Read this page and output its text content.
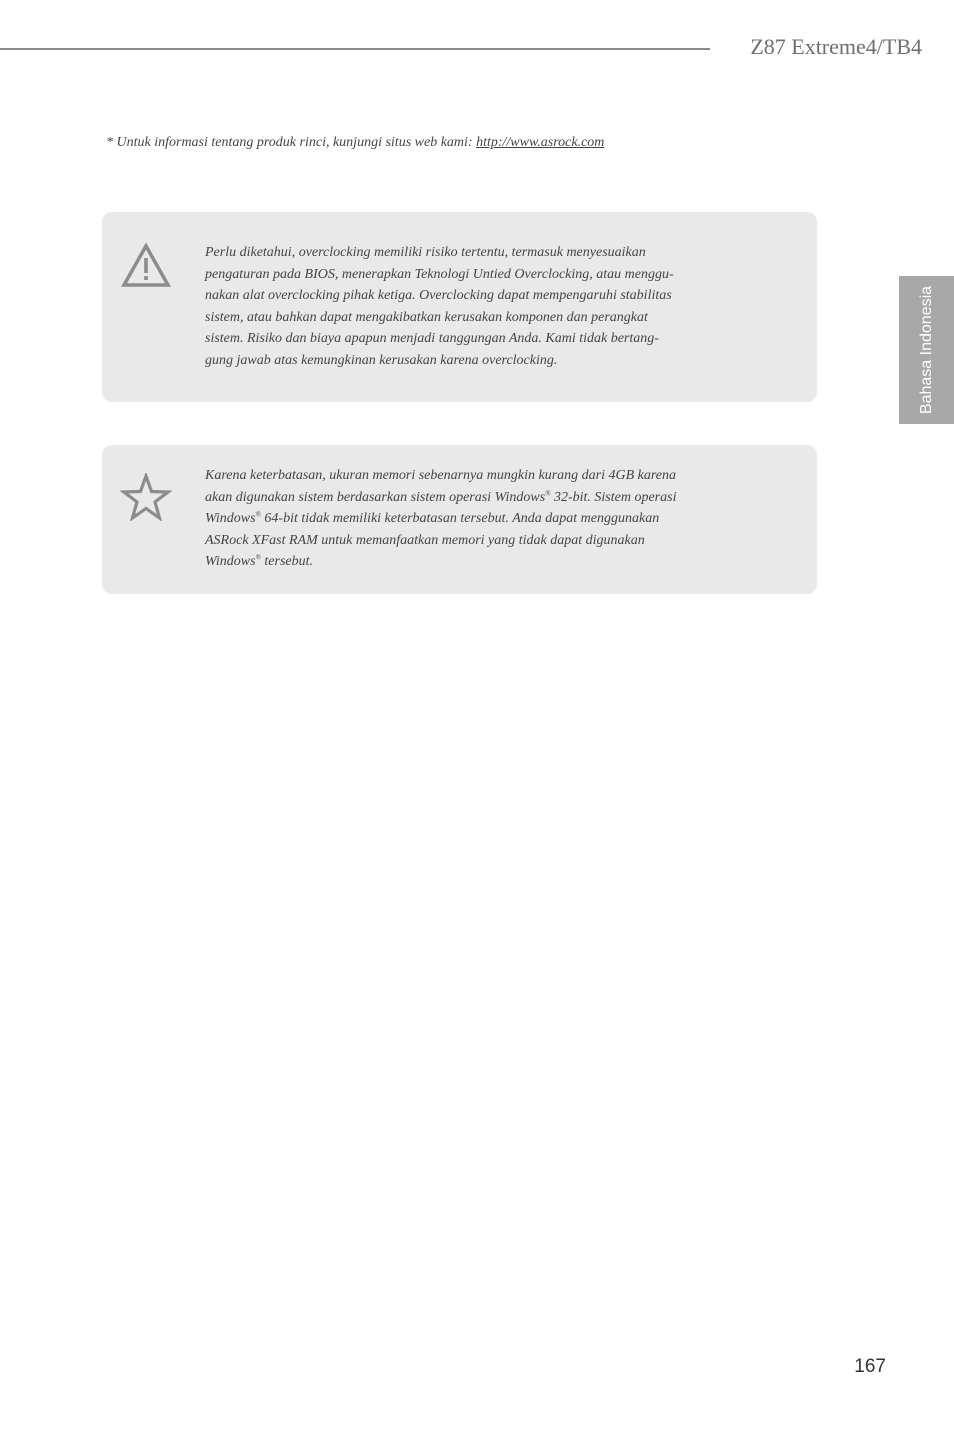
Z87 Extreme4/TB4
Bahasa Indonesia
* Untuk informasi tentang produk rinci, kunjungi situs web kami: http://www.asrock.com

Perlu diketahui, overclocking memiliki risiko tertentu, termasuk menyesuaikan
pengaturan pada BIOS, menerapkan Teknologi Untied Overclocking, atau menggu-
nakan alat overclocking pihak ketiga. Overclocking dapat mempengaruhi stabilitas
sistem, atau bahkan dapat mengakibatkan kerusakan komponen dan perangkat
sistem. Risiko dan biaya apapun menjadi tanggungan Anda. Kami tidak bertang-
gung jawab atas kemungkinan kerusakan karena overclocking.

Karena keterbatasan, ukuran memori sebenarnya mungkin kurang dari 4GB karena
akan digunakan sistem berdasarkan sistem operasi Windows® 32-bit. Sistem operasi
Windows® 64-bit tidak memiliki keterbatasan tersebut. Anda dapat menggunakan
ASRock XFast RAM untuk memanfaatkan memori yang tidak dapat digunakan
Windows® tersebut.

167
